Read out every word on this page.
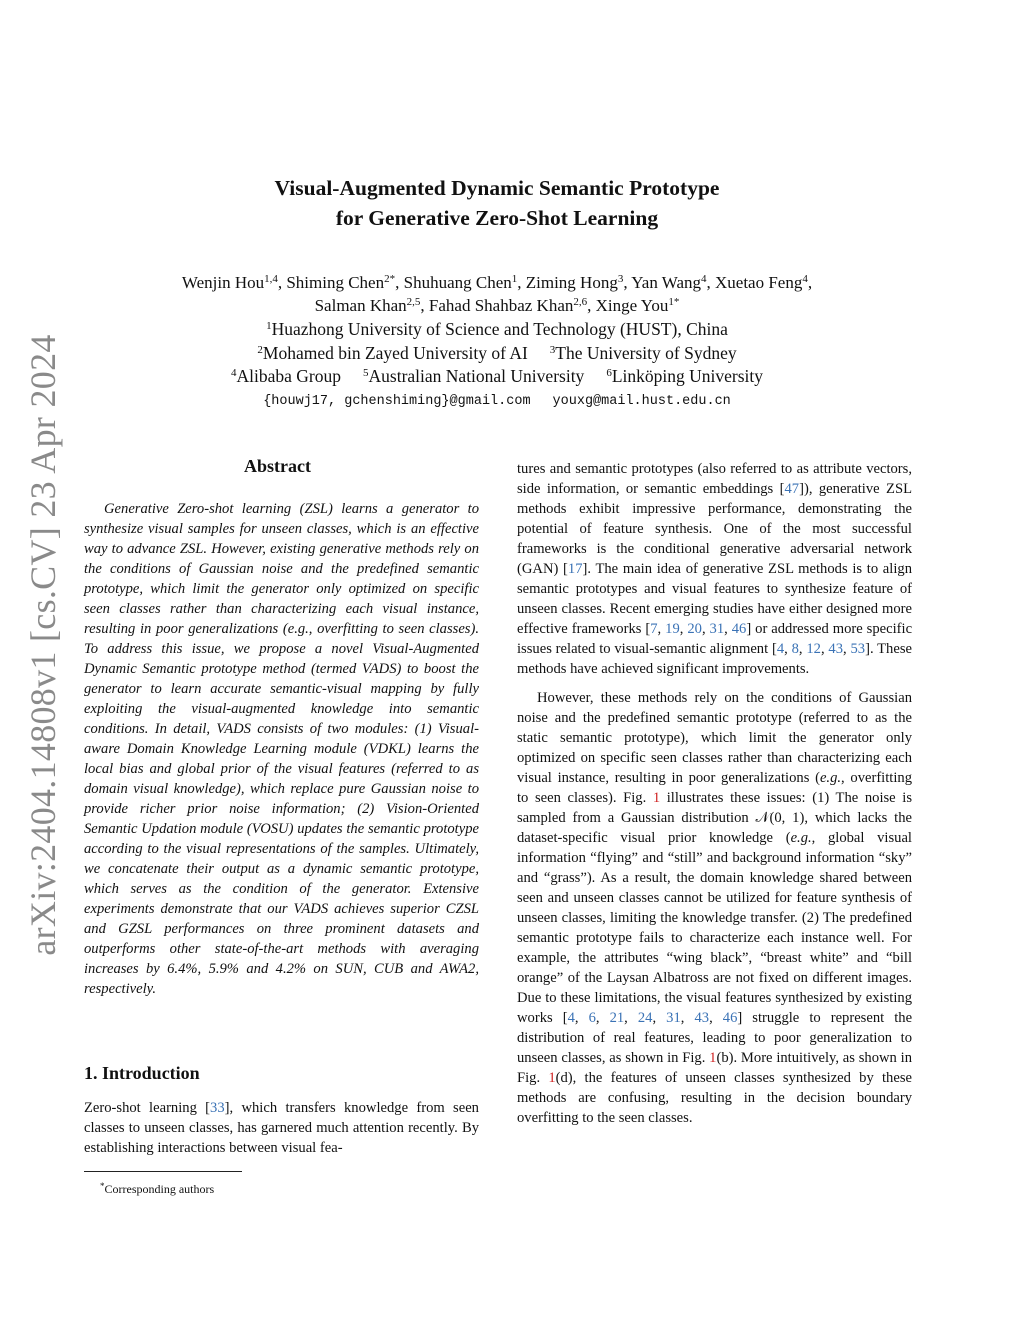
arXiv:2404.14808v1 [cs.CV] 23 Apr 2024
Visual-Augmented Dynamic Semantic Prototype
for Generative Zero-Shot Learning
Wenjin Hou$^{1,4}$, Shiming Chen$^{2*}$, Shuhuang Chen$^1$, Ziming Hong$^3$, Yan Wang$^4$, Xuetao Feng$^4$,
Salman Khan$^{2,5}$, Fahad Shahbaz Khan$^{2,6}$, Xinge You$^{1*}$
$^1$Huazhong University of Science and Technology (HUST), China
$^2$Mohamed bin Zayed University of AI $^3$The University of Sydney
$^4$Alibaba Group $^5$Australian National University $^6$Linköping University
{houwj17, gchenshiming}@gmail.com youxg@mail.hust.edu.cn
Abstract

Generative Zero-shot learning (ZSL) learns a generator to synthesize visual samples for unseen classes, which is an effective way to advance ZSL. However, existing generative methods rely on the conditions of Gaussian noise and the predefined semantic prototype, which limit the generator only optimized on specific seen classes rather than characterizing each visual instance, resulting in poor generalizations (e.g., overfitting to seen classes). To address this issue, we propose a novel Visual-Augmented Dynamic Semantic prototype method (termed VADS) to boost the generator to learn accurate semantic-visual mapping by fully exploiting the visual-augmented knowledge into semantic conditions. In detail, VADS consists of two modules: (1) Visual-aware Domain Knowledge Learning module (VDKL) learns the local bias and global prior of the visual features (referred to as domain visual knowledge), which replace pure Gaussian noise to provide richer prior noise information; (2) Vision-Oriented Semantic Updation module (VOSU) updates the semantic prototype according to the visual representations of the samples. Ultimately, we concatenate their output as a dynamic semantic prototype, which serves as the condition of the generator. Extensive experiments demonstrate that our VADS achieves superior CZSL and GZSL performances on three prominent datasets and outperforms other state-of-the-art methods with averaging increases by 6.4%, 5.9% and 4.2% on SUN, CUB and AWA2, respectively.

1. Introduction

Zero-shot learning [33], which transfers knowledge from seen classes to unseen classes, has garnered much attention recently. By establishing interactions between visual fea-

*Corresponding authors

tures and semantic prototypes (also referred to as attribute vectors, side information, or semantic embeddings [47]), generative ZSL methods exhibit impressive performance, demonstrating the potential of feature synthesis. One of the most successful frameworks is the conditional generative adversarial network (GAN) [17]. The main idea of generative ZSL methods is to align semantic prototypes and visual features to synthesize feature of unseen classes. Recent emerging studies have either designed more effective frameworks [7, 19, 20, 31, 46] or addressed more specific issues related to visual-semantic alignment [4, 8, 12, 43, 53]. These methods have achieved significant improvements.

However, these methods rely on the conditions of Gaussian noise and the predefined semantic prototype (referred to as the static semantic prototype), which limit the generator only optimized on specific seen classes rather than characterizing each visual instance, resulting in poor generalizations (e.g., overfitting to seen classes). Fig. 1 illustrates these issues: (1) The noise is sampled from a Gaussian distribution 𝒩(0, 1), which lacks the dataset-specific visual prior knowledge (e.g., global visual information “flying” and “still” and background information “sky” and “grass”). As a result, the domain knowledge shared between seen and unseen classes cannot be utilized for feature synthesis of unseen classes, limiting the knowledge transfer. (2) The predefined semantic prototype fails to characterize each instance well. For example, the attributes “wing black”, “breast white” and “bill orange” of the Laysan Albatross are not fixed on different images. Due to these limitations, the visual features synthesized by existing works [4, 6, 21, 24, 31, 43, 46] struggle to represent the distribution of real features, leading to poor generalization to unseen classes, as shown in Fig. 1(b). More intuitively, as shown in Fig. 1(d), the features of unseen classes synthesized by these methods are confusing, resulting in the decision boundary overfitting to the seen classes.
